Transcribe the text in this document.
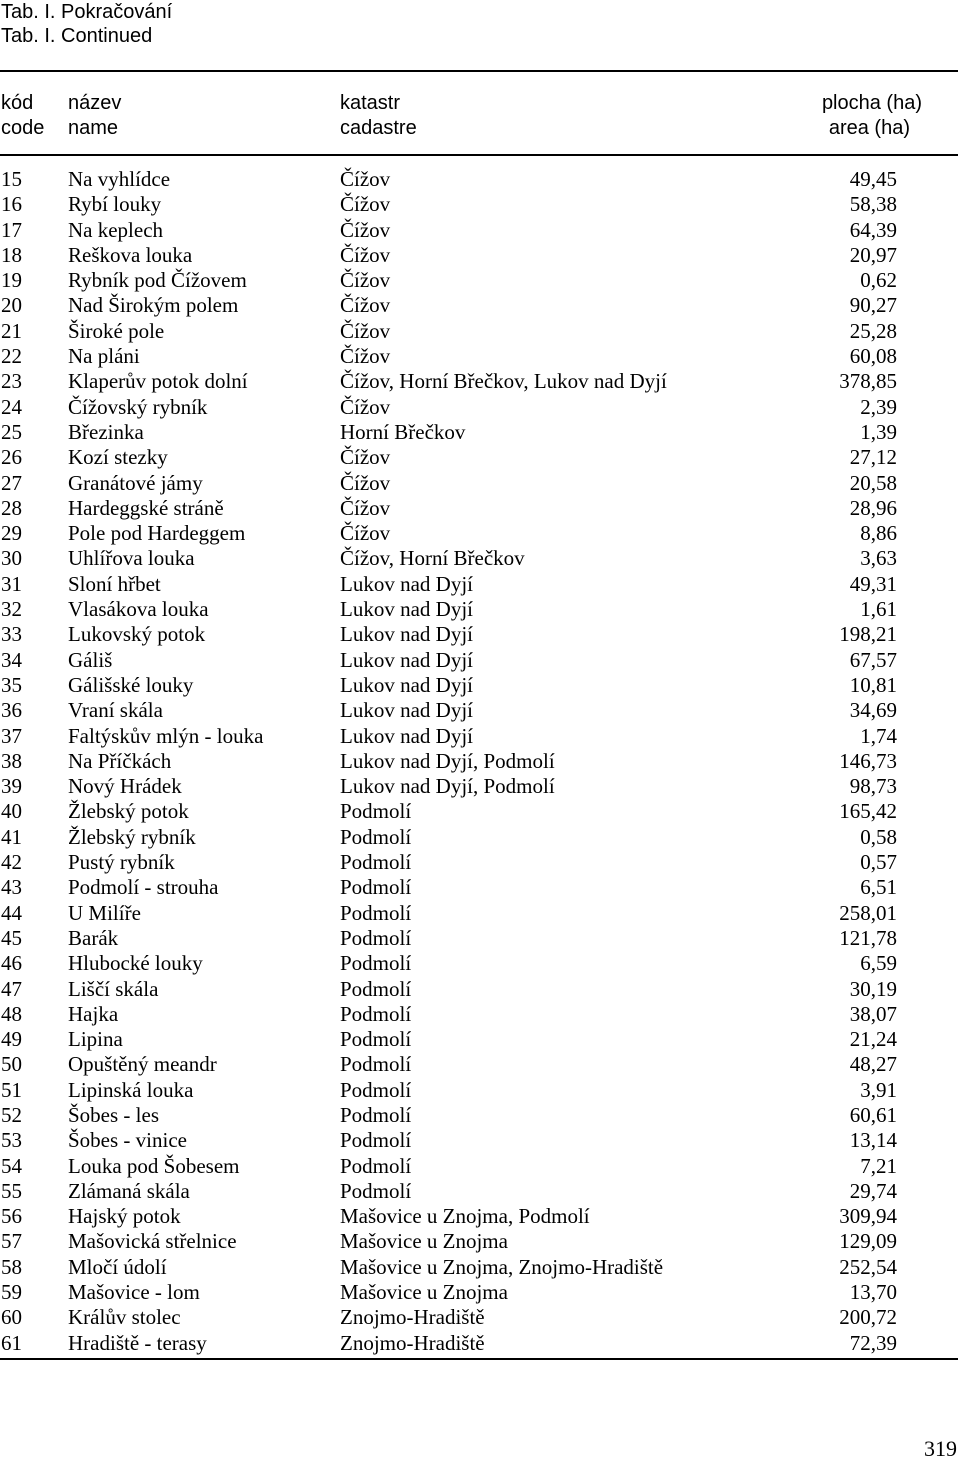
Tab. I. Pokračování
Tab. I. Continued
kód název	katastr	plocha (ha)
code name	cadastre	area (ha)
15 Na vyhlídce	Čížov	49,45
16 Rybí louky	Čížov	58,38
17 Na keplech	Čížov	64,39
18 Reškova louka	Čížov	20,97
19 Rybník pod Čížovem	Čížov	0,62
20 Nad Širokým polem	Čížov	90,27
21 Široké pole	Čížov	25,28
22 Na pláni	Čížov	60,08
23 Klaperův potok dolní	Čížov, Horní Břečkov, Lukov nad Dyjí	378,85
24 Čížovský rybník	Čížov	2,39
25 Březinka	Horní Břečkov	1,39
26 Kozí stezky	Čížov	27,12
27 Granátové jámy	Čížov	20,58
28 Hardeggské stráně	Čížov	28,96
29 Pole pod Hardeggem	Čížov	8,86
30 Uhlířova louka	Čížov, Horní Břečkov	3,63
31 Sloní hřbet	Lukov nad Dyjí	49,31
32 Vlasákova louka	Lukov nad Dyjí	1,61
33 Lukovský potok	Lukov nad Dyjí	198,21
34 Gáliš	Lukov nad Dyjí	67,57
35 Gálišské louky	Lukov nad Dyjí	10,81
36 Vraní skála	Lukov nad Dyjí	34,69
37 Faltýskův mlýn - louka	Lukov nad Dyjí	1,74
38 Na Příčkách	Lukov nad Dyjí, Podmolí	146,73
39 Nový Hrádek	Lukov nad Dyjí, Podmolí	98,73
40 Žlebský potok	Podmolí	165,42
41 Žlebský rybník	Podmolí	0,58
42 Pustý rybník	Podmolí	0,57
43 Podmolí - strouha	Podmolí	6,51
44 U Milíře	Podmolí	258,01
45 Barák	Podmolí	121,78
46 Hlubocké louky	Podmolí	6,59
47 Liščí skála	Podmolí	30,19
48 Hajka	Podmolí	38,07
49 Lipina	Podmolí	21,24
50 Opuštěný meandr	Podmolí	48,27
51 Lipinská louka	Podmolí	3,91
52 Šobes - les	Podmolí	60,61
53 Šobes - vinice	Podmolí	13,14
54 Louka pod Šobesem	Podmolí	7,21
55 Zlámaná skála	Podmolí	29,74
56 Hajský potok	Mašovice u Znojma, Podmolí	309,94
57 Mašovická střelnice	Mašovice u Znojma	129,09
58 Mločí údolí	Mašovice u Znojma, Znojmo-Hradiště	252,54
59 Mašovice - lom	Mašovice u Znojma	13,70
60 Králův stolec	Znojmo-Hradiště	200,72
61 Hradiště - terasy	Znojmo-Hradiště	72,39
319
